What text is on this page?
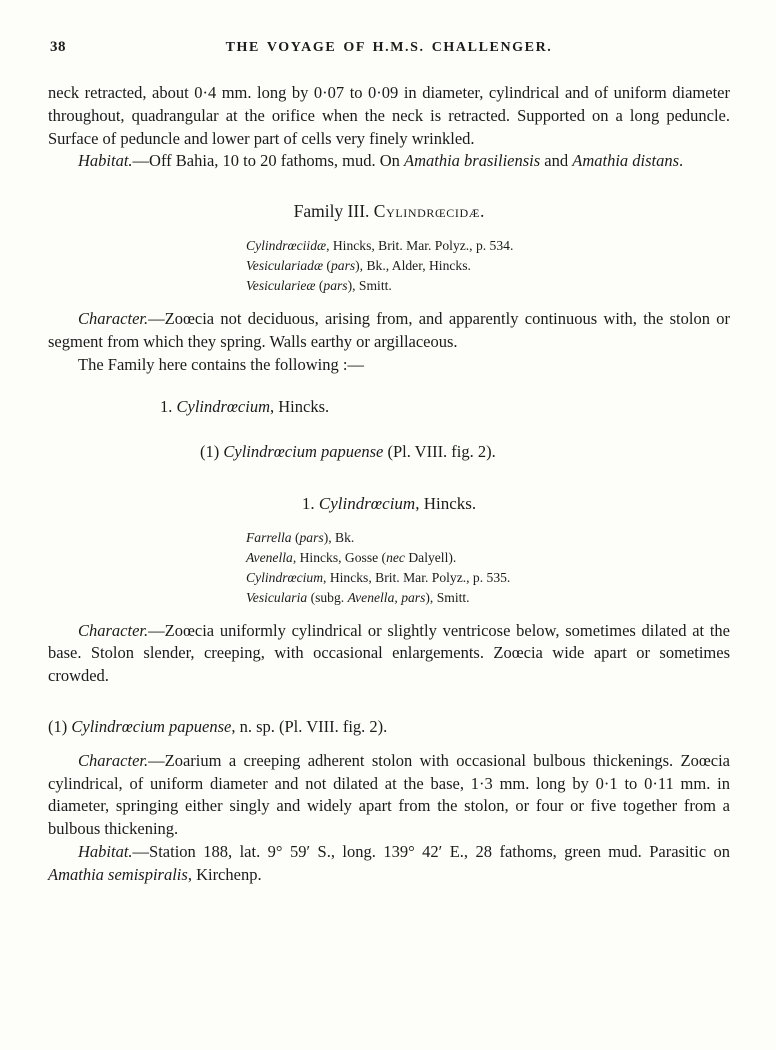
38	THE VOYAGE OF H.M.S. CHALLENGER.

neck retracted, about 0·4 mm. long by 0·07 to 0·09 in diameter, cylindrical and of uniform diameter throughout, quadrangular at the orifice when the neck is retracted. Supported on a long peduncle. Surface of peduncle and lower part of cells very finely wrinkled.

Habitat.—Off Bahia, 10 to 20 fathoms, mud. On Amathia brasiliensis and Amathia distans.

Family III. Cylindrœcidæ.
Cylindrœciidæ, Hincks, Brit. Mar. Polyz., p. 534.
Vesiculariadæ (pars), Bk., Alder, Hincks.
Vesicularieæ (pars), Smitt.

Character.—Zoœcia not deciduous, arising from, and apparently continuous with, the stolon or segment from which they spring. Walls earthy or argillaceous.

The Family here contains the following :—

1. Cylindrœcium, Hincks.
(1) Cylindrœcium papuense (Pl. VIII. fig. 2).
1. Cylindrœcium, Hincks.
Farrella (pars), Bk.
Avenella, Hincks, Gosse (nec Dalyell).
Cylindrœcium, Hincks, Brit. Mar. Polyz., p. 535.
Vesicularia (subg. Avenella, pars), Smitt.

Character.—Zoœcia uniformly cylindrical or slightly ventricose below, sometimes dilated at the base. Stolon slender, creeping, with occasional enlargements. Zoœcia wide apart or sometimes crowded.

(1) Cylindrœcium papuense, n. sp. (Pl. VIII. fig. 2).

Character.—Zoarium a creeping adherent stolon with occasional bulbous thickenings. Zoœcia cylindrical, of uniform diameter and not dilated at the base, 1·3 mm. long by 0·1 to 0·11 mm. in diameter, springing either singly and widely apart from the stolon, or four or five together from a bulbous thickening.

Habitat.—Station 188, lat. 9° 59′ S., long. 139° 42′ E., 28 fathoms, green mud. Parasitic on Amathia semispiralis, Kirchenp.
